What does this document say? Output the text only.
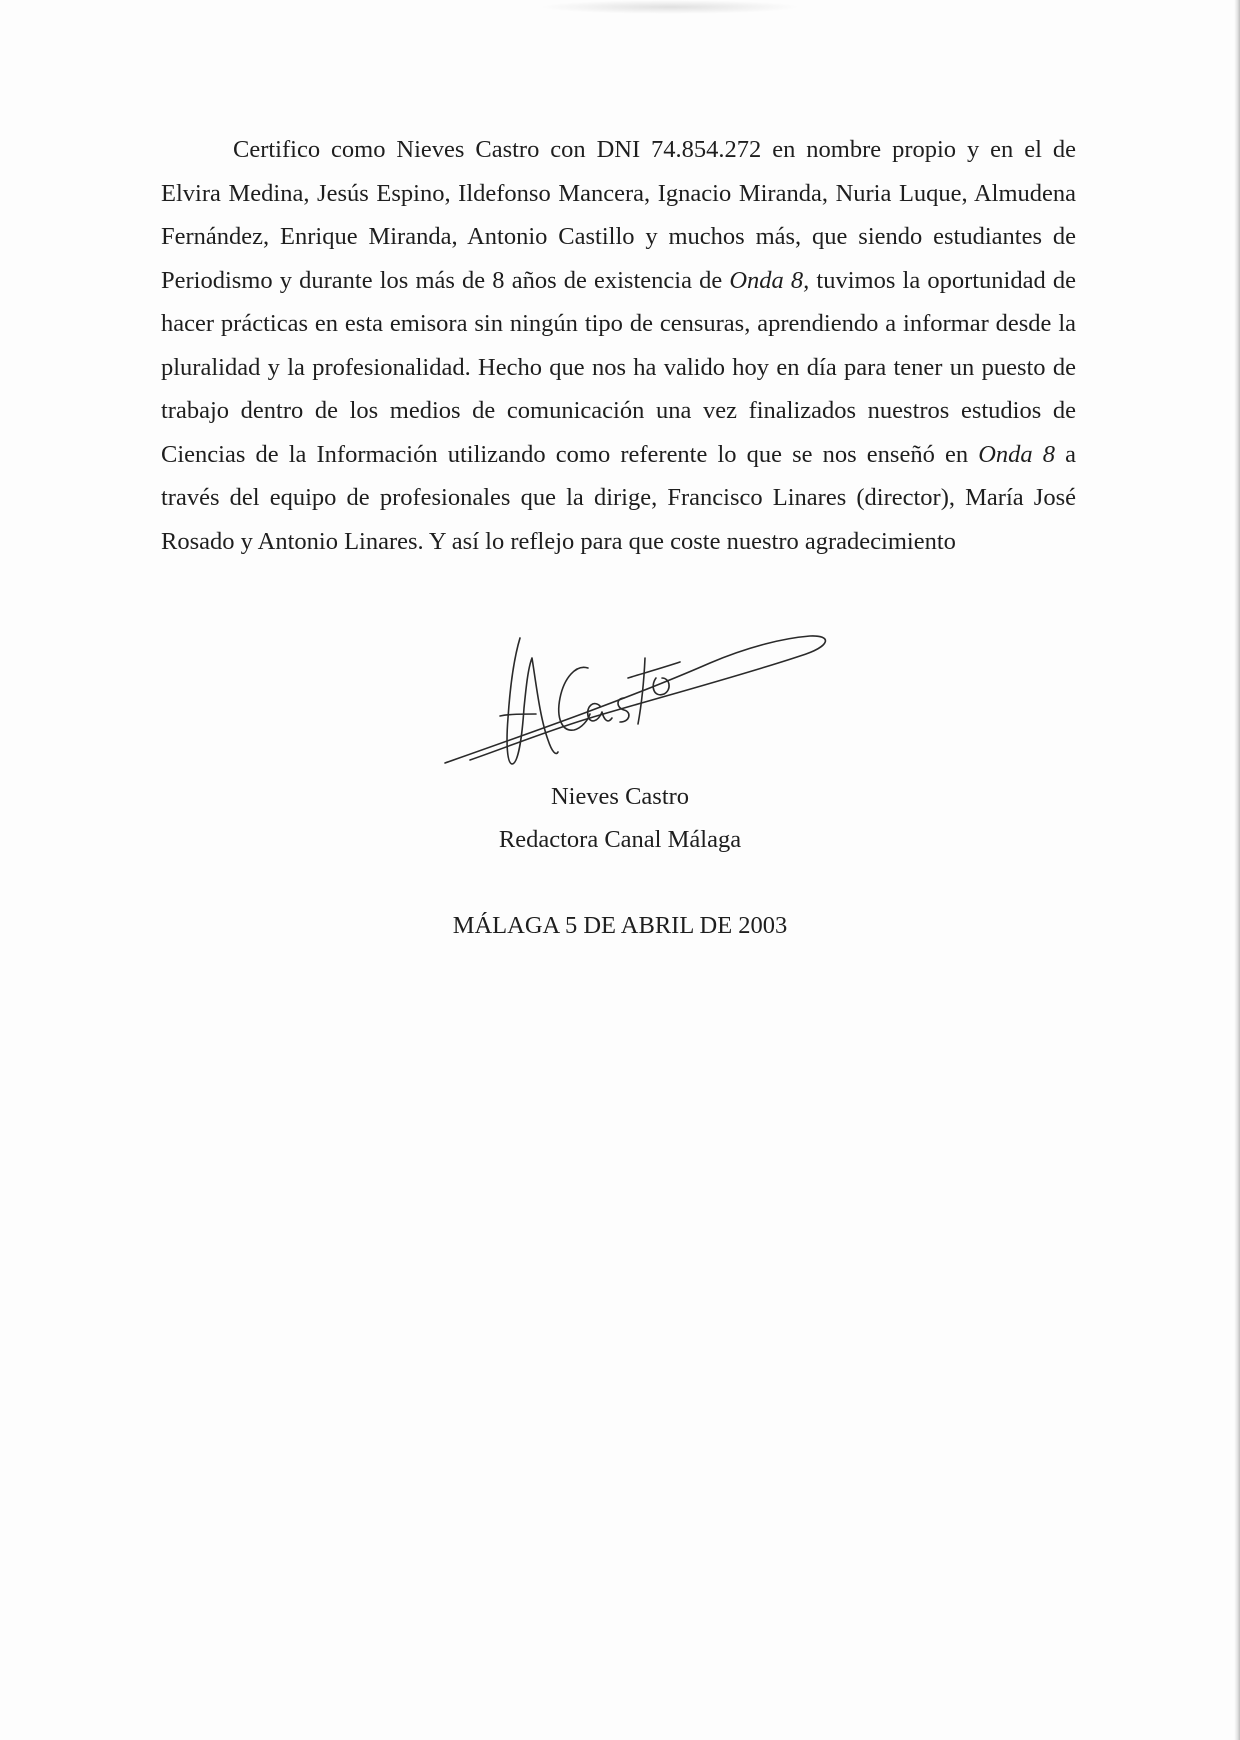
Certifico como Nieves Castro con DNI 74.854.272 en nombre propio y en el de Elvira Medina, Jesús Espino, Ildefonso Mancera, Ignacio Miranda, Nuria Luque, Almudena Fernández, Enrique Miranda, Antonio Castillo y muchos más, que siendo estudiantes de Periodismo y durante los más de 8 años de existencia de Onda 8, tuvimos la oportunidad de hacer prácticas en esta emisora sin ningún tipo de censuras, aprendiendo a informar desde la pluralidad y la profesionalidad. Hecho que nos ha valido hoy en día para tener un puesto de trabajo dentro de los medios de comunicación una vez finalizados nuestros estudios de Ciencias de la Información utilizando como referente lo que se nos enseñó en Onda 8 a través del equipo de profesionales que la dirige, Francisco Linares (director), María José Rosado y Antonio Linares. Y así lo reflejo para que coste nuestro agradecimiento

Nieves Castro

Redactora Canal Málaga

MÁLAGA 5 DE ABRIL DE 2003
